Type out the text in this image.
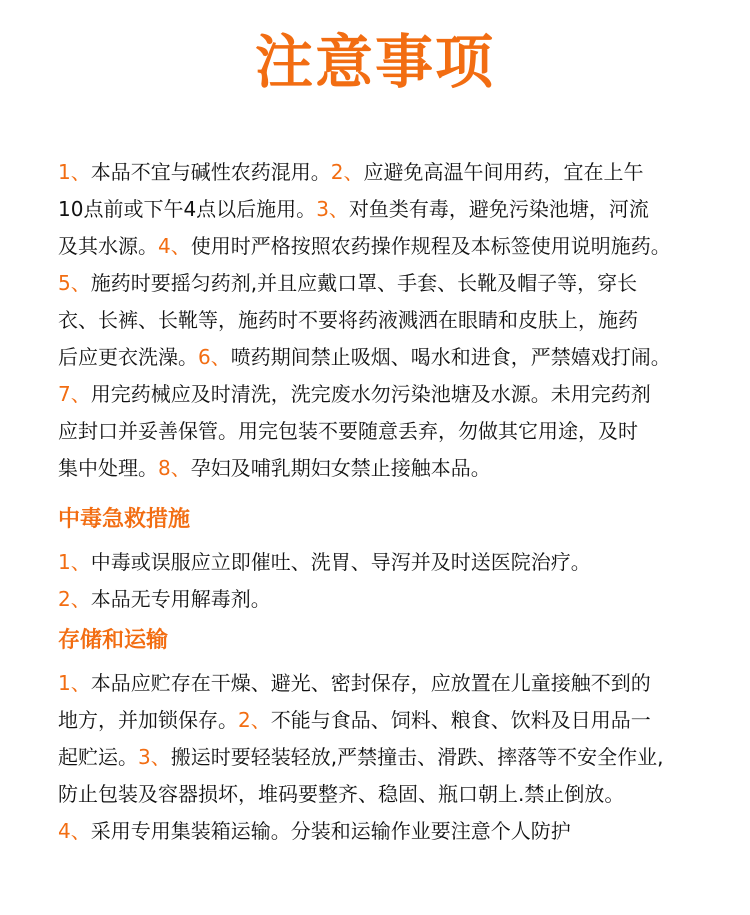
注意事项
1、本品不宜与碱性农药混用。2、应避免高温午间用药，宜在上午
10点前或下午4点以后施用。3、对鱼类有毒，避免污染池塘，河流
及其水源。4、使用时严格按照农药操作规程及本标签使用说明施药。
5、施药时要摇匀药剂,并且应戴口罩、手套、长靴及帽子等，穿长
衣、长裤、长靴等，施药时不要将药液溅洒在眼睛和皮肤上，施药
后应更衣洗澡。6、喷药期间禁止吸烟、喝水和进食，严禁嬉戏打闹。
7、用完药械应及时清洗，洗完废水勿污染池塘及水源。未用完药剂
应封口并妥善保管。用完包装不要随意丢弃，勿做其它用途，及时
集中处理。8、孕妇及哺乳期妇女禁止接触本品。
中毒急救措施
1、中毒或误服应立即催吐、洗胃、导泻并及时送医院治疗。
2、本品无专用解毒剂。
存储和运输
1、本品应贮存在干燥、避光、密封保存，应放置在儿童接触不到的
地方，并加锁保存。2、不能与食品、饲料、粮食、饮料及日用品一
起贮运。3、搬运时要轻装轻放,严禁撞击、滑跌、摔落等不安全作业,
防止包装及容器损坏，堆码要整齐、稳固、瓶口朝上.禁止倒放。
4、采用专用集装箱运输。分装和运输作业要注意个人防护
